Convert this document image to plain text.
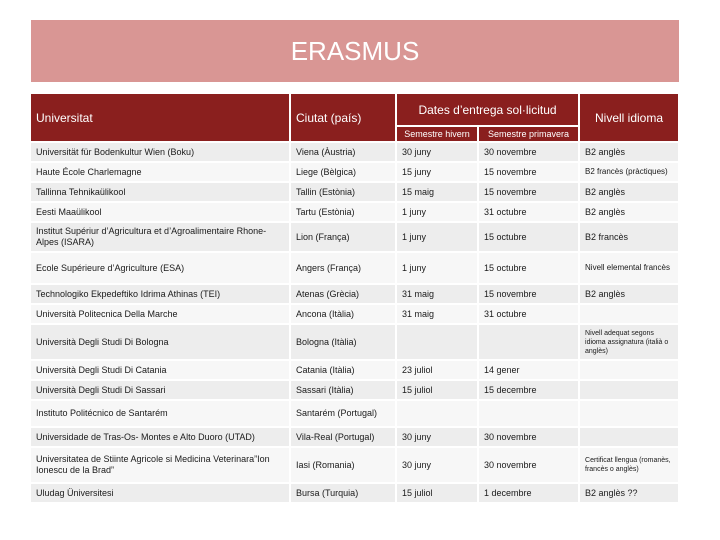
ERASMUS
Universitat	Ciutat (país)	Dates d’entrega sol·licitud		Nivell idioma
		Semestre hivern	Semestre primavera	
Universität für Bodenkultur Wien (Boku)	Viena (Àustria)	30 juny	30 novembre	B2 anglès
Haute École Charlemagne	Liege (Bèlgica)	15 juny	15 novembre	B2 francès (pràctiques)
Tallinna Tehnikaülikool	Tallin (Estònia)	15 maig	15 novembre	B2 anglès
Eesti Maaülikool	Tartu (Estònia)	1 juny	31 octubre	B2 anglès
Institut Supériur d’Agricultura et d’Agroalimentaire Rhone-Alpes (ISARA)	Lion (França)	1 juny	15 octubre	B2 francès
Ecole Supérieure d’Agriculture (ESA)	Angers (França)	1 juny	15 octubre	Nivell elemental francès
Technologiko Ekpedeftiko Idrima Athinas (TEI)	Atenas (Grècia)	31 maig	15 novembre	B2 anglès
Università Politecnica Della Marche	Ancona (Itàlia)	31 maig	31 octubre	
Università Degli Studi Di Bologna	Bologna (Itàlia)			Nivell adequat segons idioma assignatura (italià o anglès)
Università Degli Studi Di Catania	Catania (Itàlia)	23 juliol	14 gener	
Università Degli Studi Di Sassari	Sassari (Itàlia)	15 juliol	15 decembre	
Instituto Politécnico de Santarém	Santarém (Portugal)			
Universidade de Tras-Os- Montes e Alto Duoro (UTAD)	Vila-Real (Portugal)	30 juny	30 novembre	
Universitatea de Stiinte Agricole si Medicina Veterinara”Ion Ionescu de la Brad”	Iasi (Romania)	30 juny	30 novembre	Certificat llengua (romanès, francès o anglès)
Uludag Üniversitesi	Bursa (Turquia)	15 juliol	1 decembre	B2 anglès ??
